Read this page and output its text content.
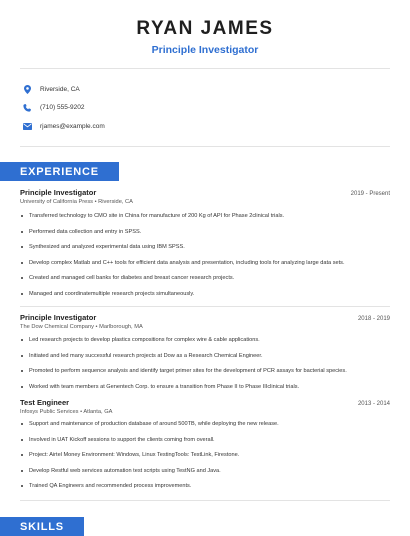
RYAN JAMES
Principle Investigator
Riverside, CA
(710) 555-9202
rjames@example.com
EXPERIENCE
Principle Investigator	2019 - Present
University of California Press • Riverside, CA
Transferred technology to CMO site in China for manufacture of 200 Kg of API for Phase 2clinical trials.
Performed data collection and entry in SPSS.
Synthesized and analyzed experimental data using IBM SPSS.
Develop complex Matlab and C++ tools for efficient data analysis and presentation, including tools for analyzing large data sets.
Created and managed cell banks for diabetes and breast cancer research projects.
Managed and coordinatemultiple research projects simultaneously.
Principle Investigator	2018 - 2019
The Dow Chemical Company • Marlborough, MA
Led research projects to develop plastics compositions for complex wire & cable applications.
Initiated and led many successful research projects at Dow as a Research Chemical Engineer.
Promoted to perform sequence analysis and identify target primer sites for the development of PCR assays for bacterial species.
Worked with team members at Genentech Corp. to ensure a transition from Phase II to Phase IIIclinical trials.
Test Engineer	2013 - 2014
Infosys Public Services • Atlanta, GA
Support and maintenance of production database of around 500TB, while deploying the new release.
Involved in UAT Kickoff sessions to support the clients coming from overall.
Project: Airtel Money Environment: Windows, Linux TestingTools: TestLink, Firestone.
Develop Restful web services automation test scripts using TestNG and Java.
Trained QA Engineers and recommended process improvements.
SKILLS
